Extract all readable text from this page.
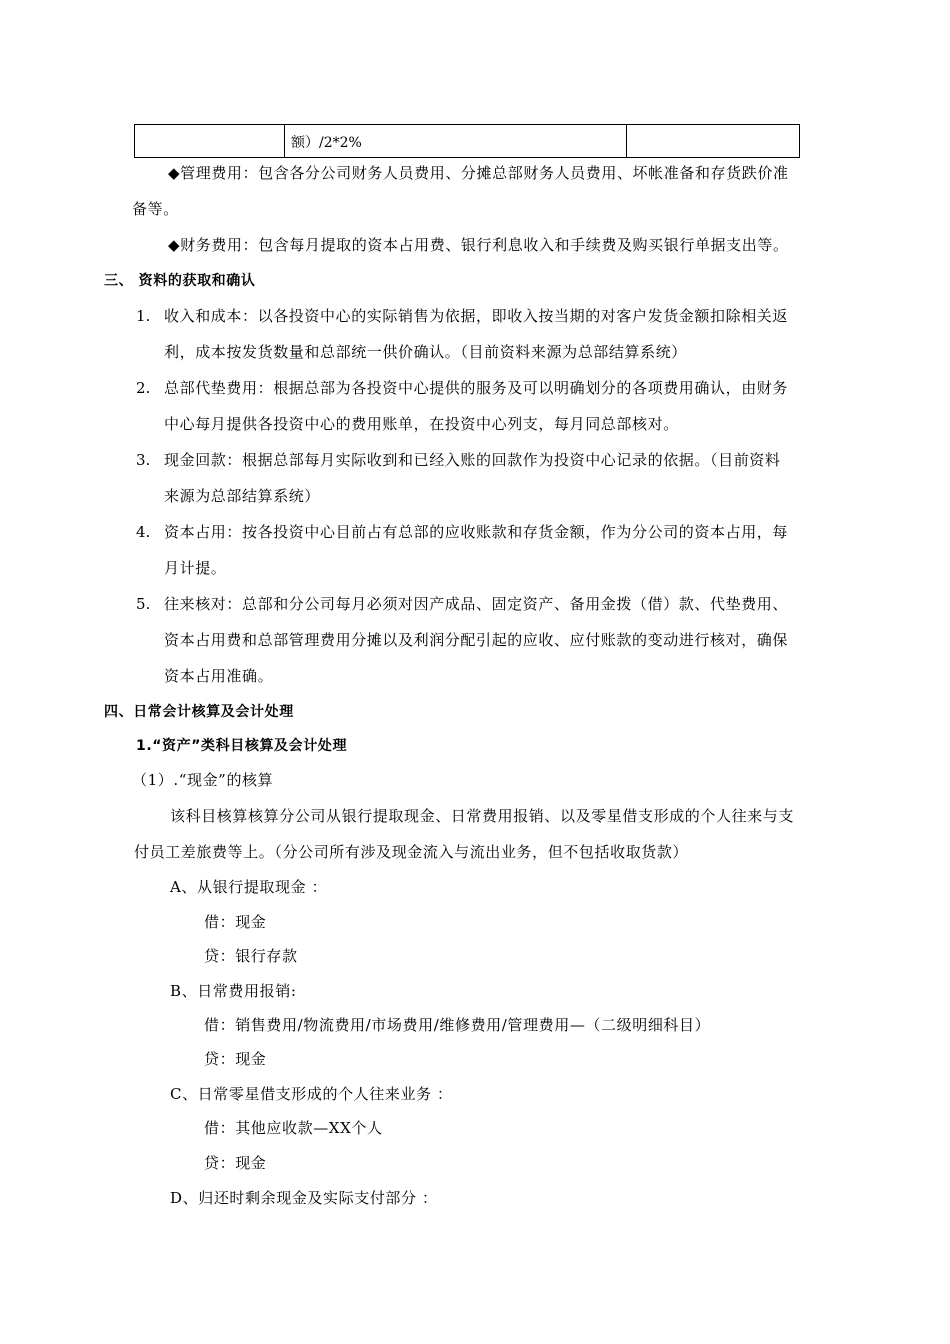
额）/2*2%
◆管理费用：包含各分公司财务人员费用、分摊总部财务人员费用、坏帐准备和存货跌价准
备等。
◆财务费用：包含每月提取的资本占用费、银行利息收入和手续费及购买银行单据支出等。
三、 资料的获取和确认
1. 收入和成本：以各投资中心的实际销售为依据，即收入按当期的对客户发货金额扣除相关返
利，成本按发货数量和总部统一供价确认。（目前资料来源为总部结算系统）
2. 总部代垫费用：根据总部为各投资中心提供的服务及可以明确划分的各项费用确认，由财务
中心每月提供各投资中心的费用账单，在投资中心列支，每月同总部核对。
3. 现金回款：根据总部每月实际收到和已经入账的回款作为投资中心记录的依据。（目前资料
来源为总部结算系统）
4. 资本占用：按各投资中心目前占有总部的应收账款和存货金额，作为分公司的资本占用，每
月计提。
5. 往来核对：总部和分公司每月必须对因产成品、固定资产、备用金拨（借）款、代垫费用、
资本占用费和总部管理费用分摊以及利润分配引起的应收、应付账款的变动进行核对，确保
资本占用准确。
四、日常会计核算及会计处理
1.“资产”类科目核算及会计处理
（1）.“现金”的核算
该科目核算核算分公司从银行提取现金、日常费用报销、以及零星借支形成的个人往来与支
付员工差旅费等上。（分公司所有涉及现金流入与流出业务，但不包括收取货款）
A、从银行提取现金 ：
借：现金
贷：银行存款
B、日常费用报销:
借：销售费用/物流费用/市场费用/维修费用/管理费用—（二级明细科目）
贷：现金
C、日常零星借支形成的个人往来业务 ：
借：其他应收款—XX个人
贷：现金
D、归还时剩余现金及实际支付部分 ：
